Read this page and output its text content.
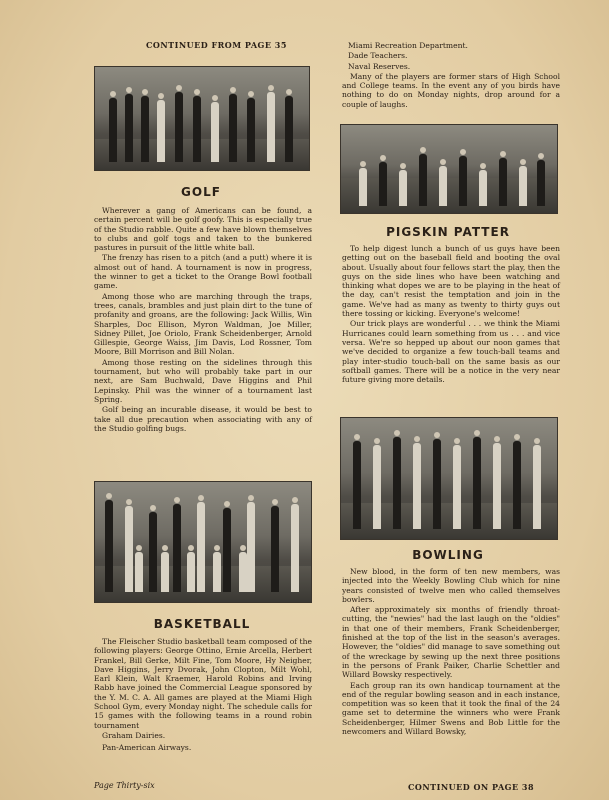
CONTINUED FROM PAGE 35
GOLF

Wherever a gang of Americans can be found, a certain percent will be golf goofy. This is especially true of the Studio rabble. Quite a few have blown themselves to clubs and golf togs and taken to the bunkered pastures in pursuit of the little white ball.

The frenzy has risen to a pitch (and a putt) where it is almost out of hand. A tournament is now in progress, the winner to get a ticket to the Orange Bowl football game.

Among those who are marching through the traps, trees, canals, brambles and just plain dirt to the tune of profanity and groans, are the following: Jack Willis, Win Sharples, Doc Ellison, Myron Waldman, Joe Miller, Sidney Pillet, Joe Oriolo, Frank Scheidenberger, Arnold Gillespie, George Waiss, Jim Davis, Lod Rossner, Tom Moore, Bill Morrison and Bill Nolan.

Among those resting on the sidelines through this tournament, but who will probably take part in our next, are Sam Buchwald, Dave Higgins and Phil Lepinsky. Phil was the winner of a tournament last Spring.

Golf being an incurable disease, it would be best to take all due precaution when associating with any of the Studio golfing bugs.

BASKETBALL

The Fleischer Studio basketball team composed of the following players: George Ottino, Ernie Arcella, Herbert Frankel, Bill Gerke, Milt Fine, Tom Moore, Hy Neigher, Dave Higgins, Jerry Dvorak, John Clopton, Milt Wohl, Earl Klein, Walt Kraemer, Harold Robins and Irving Rabb have joined the Commercial League sponsored by the Y. M. C. A. All games are played at the Miami High School Gym, every Monday night. The schedule calls for 15 games with the following teams in a round robin tournament

Graham Dairies.

Pan-American Airways.

Miami Recreation Department.

Dade Teachers.

Naval Reserves.

Many of the players are former stars of High School and College teams. In the event any of you birds have nothing to do on Monday nights, drop around for a couple of laughs.

PIGSKIN PATTER

To help digest lunch a bunch of us guys have been getting out on the baseball field and booting the oval about. Usually about four fellows start the play, then the guys on the side lines who have been watching and thinking what dopes we are to be playing in the heat of the day, can't resist the temptation and join in the game. We've had as many as twenty to thirty guys out there tossing or kicking. Everyone's welcome!

Our trick plays are wonderful . . . we think the Miami Hurricanes could learn something from us . . . and vice versa. We're so hepped up about our noon games that we've decided to organize a few touch-ball teams and play inter-studio touch-ball on the same basis as our softball games. There will be a notice in the very near future giving more details.

BOWLING

New blood, in the form of ten new members, was injected into the Weekly Bowling Club which for nine years consisted of twelve men who called themselves bowlers.

After approximately six months of friendly throat-cutting, the "newies" had the last laugh on the "oldies" in that one of their members, Frank Scheidenberger, finished at the top of the list in the season's averages. However, the "oldies" did manage to save something out of the wreckage by sewing up the next three positions in the persons of Frank Paiker, Charlie Schettler and Willard Bowsky respectively.

Each group ran its own handicap tournament at the end of the regular bowling season and in each instance, competition was so keen that it took the final of the 24 game set to determine the winners who were Frank Scheidenberger, Hilmer Swens and Bob Little for the newcomers and Willard Bowsky,

Page Thirty-six	CONTINUED ON PAGE 38
